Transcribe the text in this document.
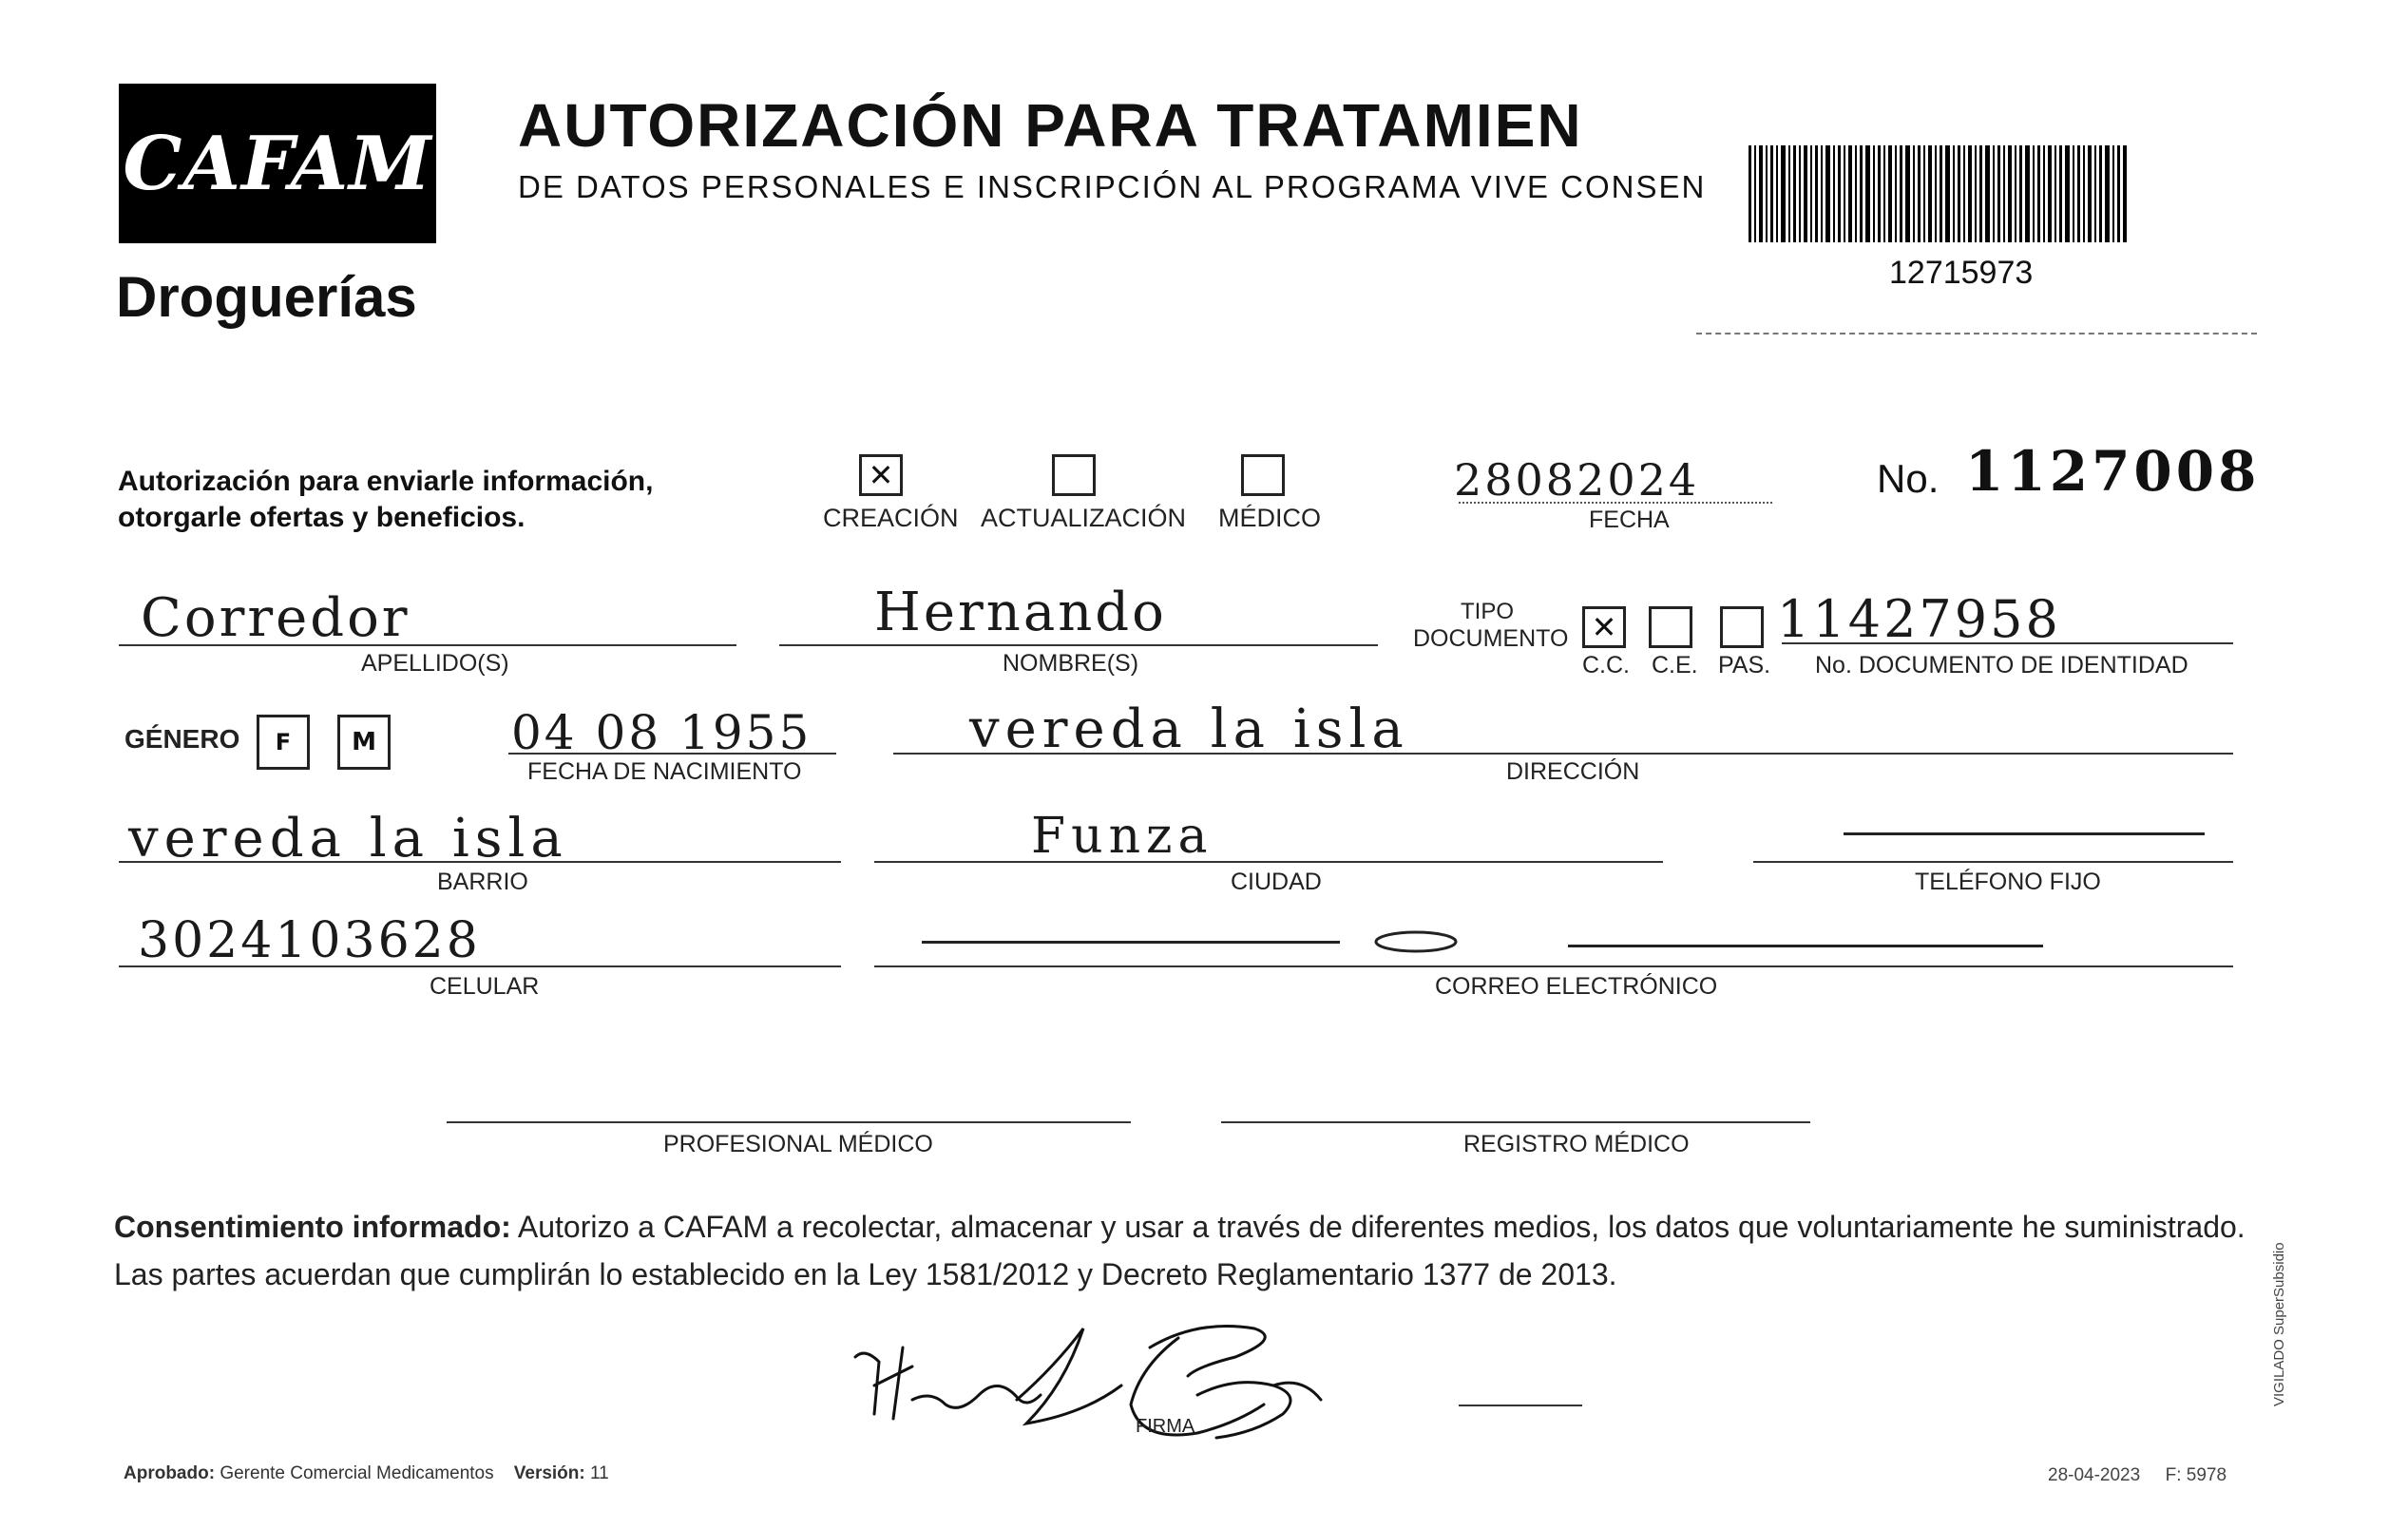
CAFAM
Droguerías
AUTORIZACIÓN PARA TRATAMIEN
DE DATOS PERSONALES E INSCRIPCIÓN AL PROGRAMA VIVE CONSEN
12715973
Autorización para enviarle información,
otorgarle ofertas y beneficios.
✕
CREACIÓN ACTUALIZACIÓN MÉDICO
28082024
FECHA
No. 1127008
Corredor
APELLIDO(S)
Hernando
NOMBRE(S)
TIPO
DOCUMENTO ✕
C.C. C.E. PAS.
11427958
No. DOCUMENTO DE IDENTIDAD
GÉNERO F M	04 08 1955
FECHA DE NACIMIENTO
vereda la isla
DIRECCIÓN
vereda la isla
BARRIO
Funza
CIUDAD	TELÉFONO FIJO
3024103628
CELULAR	CORREO ELECTRÓNICO
PROFESIONAL MÉDICO	REGISTRO MÉDICO
Consentimiento informado: Autorizo a CAFAM a recolectar, almacenar y usar a través de diferentes medios, los datos que voluntariamente he suministrado.
Las partes acuerdan que cumplirán lo establecido en la Ley 1581/2012 y Decreto Reglamentario 1377 de 2013.
FIRMA
Aprobado: Gerente Comercial Medicamentos Versión: 11	28-04-2023 F: 5978
VIGILADO SuperSubsidio
